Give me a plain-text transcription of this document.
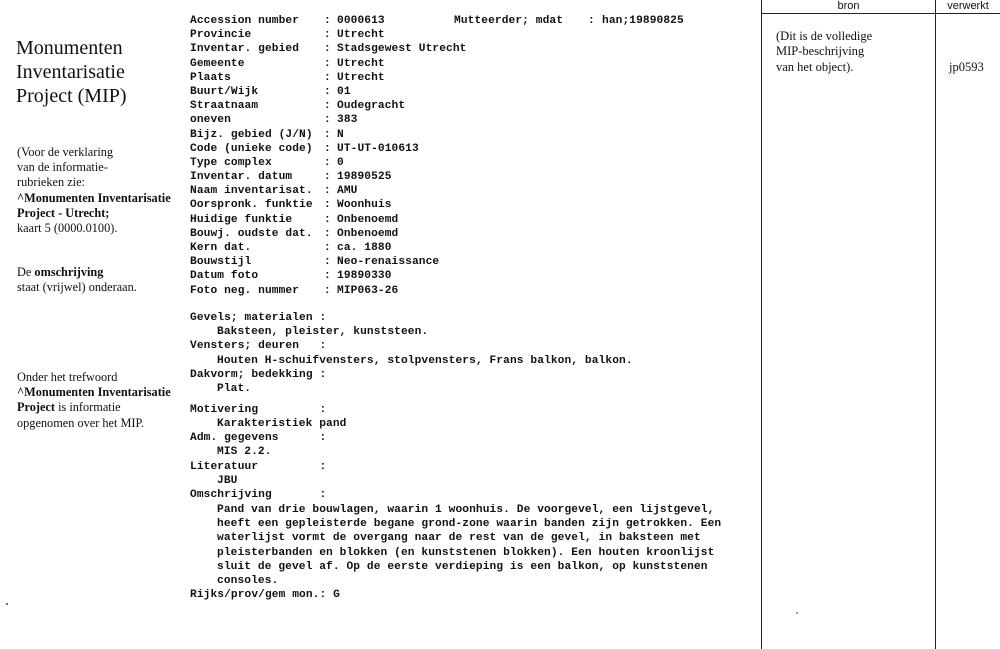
Monumenten
Inventarisatie
Project (MIP)
(Voor de verklaring
van de informatie-
rubrieken zie:
^Monumenten Inventarisatie
Project - Utrecht;
kaart 5 (0000.0100).
De omschrijving
staat (vrijwel) onderaan.
Onder het trefwoord
^Monumenten Inventarisatie
Project is informatie
opgenomen over het MIP.
Accession number : 0000613	Mutteerder; mdat : han;19890825
Provincie	: Utrecht
Inventar. gebied : Stadsgewest Utrecht
Gemeente	: Utrecht
Plaats	: Utrecht
Buurt/Wijk	: 01
Straatnaam	: Oudegracht
oneven	: 383
Bijz. gebied (J/N) : N
Code (unieke code) : UT-UT-010613
Type complex	: 0
Inventar. datum	: 19890525
Naam inventarisat. : AMU
Oorspronk. funktie : Woonhuis
Huidige funktie	: Onbenoemd
Bouwj. oudste dat. : Onbenoemd
Kern dat.	: ca. 1880
Bouwstijl	: Neo-renaissance
Datum foto	: 19890330
Foto neg. nummer : MIP063-26
Gevels; materialen :
Baksteen, pleister, kunststeen.
Vensters; deuren   :
Houten H-schuifvensters, stolpvensters, Frans balkon, balkon.
Dakvorm; bedekking :
Plat.
Motivering         :
Karakteristiek pand
Adm. gegevens      :
MIS 2.2.
Literatuur         :
JBU
Omschrijving       :
Pand van drie bouwlagen, waarin 1 woonhuis. De voorgevel, een lijstgevel,
heeft een gepleisterde begane grond-zone waarin banden zijn getrokken. Een
waterlijst vormt de overgang naar de rest van de gevel, in baksteen met
pleisterbanden en blokken (en kunststenen blokken). Een houten kroonlijst
sluit de gevel af. Op de eerste verdieping is een balkon, op kunststenen
consoles.
Rijks/prov/gem mon.: G
bron	verwerkt
(Dit is de volledige
MIP-beschrijving
van het object).	jp0593
